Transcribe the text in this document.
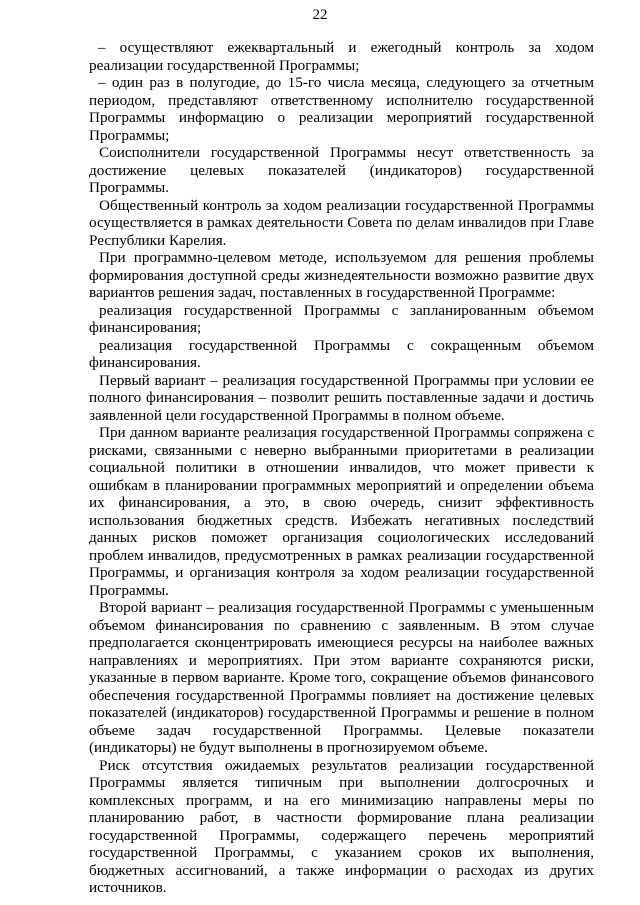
22

– осуществляют ежеквартальный и ежегодный контроль за ходом реализации государственной Программы;

– один раз в полугодие, до 15-го числа месяца, следующего за отчетным периодом, представляют ответственному исполнителю государственной Программы информацию о реализации мероприятий государственной Программы;

Соисполнители государственной Программы несут ответственность за достижение целевых показателей (индикаторов) государственной Программы.

Общественный контроль за ходом реализации государственной Программы осуществляется в рамках деятельности Совета по делам инвалидов при Главе Республики Карелия.

При программно-целевом методе, используемом для решения проблемы формирования доступной среды жизнедеятельности возможно развитие двух вариантов решения задач, поставленных в государственной Программе:

реализация государственной Программы с запланированным объемом финансирования;

реализация государственной Программы с сокращенным объемом финансирования.

Первый вариант – реализация государственной Программы при условии ее полного финансирования – позволит решить поставленные задачи и достичь заявленной цели государственной Программы в полном объеме.

При данном варианте реализация государственной Программы сопряжена с рисками, связанными с неверно выбранными приоритетами в реализации социальной политики в отношении инвалидов, что может привести к ошибкам в планировании программных мероприятий и определении объема их финансирования, а это, в свою очередь, снизит эффективность использования бюджетных средств. Избежать негативных последствий данных рисков поможет организация социологических исследований проблем инвалидов, предусмотренных в рамках реализации государственной Программы, и организация контроля за ходом реализации государственной Программы.

Второй вариант – реализация государственной Программы с уменьшенным объемом финансирования по сравнению с заявленным. В этом случае предполагается сконцентрировать имеющиеся ресурсы на наиболее важных направлениях и мероприятиях. При этом варианте сохраняются риски, указанные в первом варианте. Кроме того, сокращение объемов финансового обеспечения государственной Программы повлияет на достижение целевых показателей (индикаторов) государственной Программы и решение в полном объеме задач государственной Программы. Целевые показатели (индикаторы) не будут выполнены в прогнозируемом объеме.

Риск отсутствия ожидаемых результатов реализации государственной Программы является типичным при выполнении долгосрочных и комплексных программ, и на его минимизацию направлены меры по планированию работ, в частности формирование плана реализации государственной Программы, содержащего перечень мероприятий государственной Программы, с указанием сроков их выполнения, бюджетных ассигнований, а также информации о расходах из других источников.
